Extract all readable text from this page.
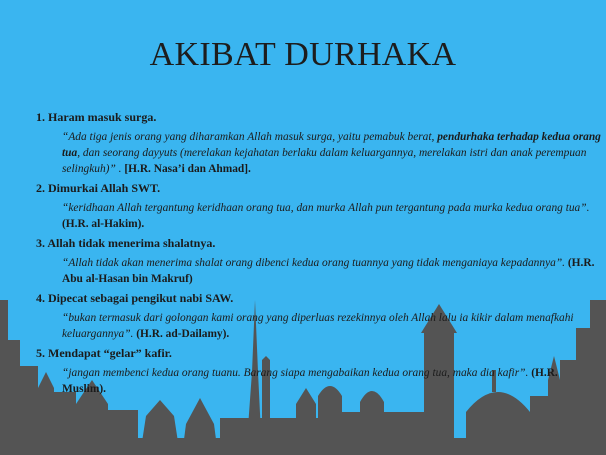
AKIBAT DURHAKA
1. Haram masuk surga.
“Ada tiga jenis orang yang diharamkan Allah masuk surga, yaitu pemabuk berat, pendurhaka terhadap kedua orang tua, dan seorang dayyuts (merelakan kejahatan berlaku dalam keluargannya, merelakan istri dan anak perempuan selingkuh)” . [H.R. Nasa’i dan Ahmad].
2. Dimurkai Allah SWT.
“keridhaan Allah tergantung keridhaan orang tua, dan murka Allah pun tergantung pada murka kedua orang tua”. (H.R. al-Hakim).
3. Allah tidak menerima shalatnya.
“Allah tidak akan menerima shalat orang dibenci kedua orang tuannya yang tidak menganiaya kepadannya”. (H.R. Abu al-Hasan bin Makruf)
4. Dipecat sebagai pengikut nabi SAW.
“bukan termasuk dari golongan kami orang yang diperluas rezekinnya oleh Allah lalu ia kikir dalam menafkahi keluargannya”. (H.R. ad-Dailamy).
5. Mendapat “gelar” kafir.
“jangan membenci kedua orang tuanu. Barang siapa mengabaikan kedua orang tua, maka dia kafir”. (H.R. Muslim).
